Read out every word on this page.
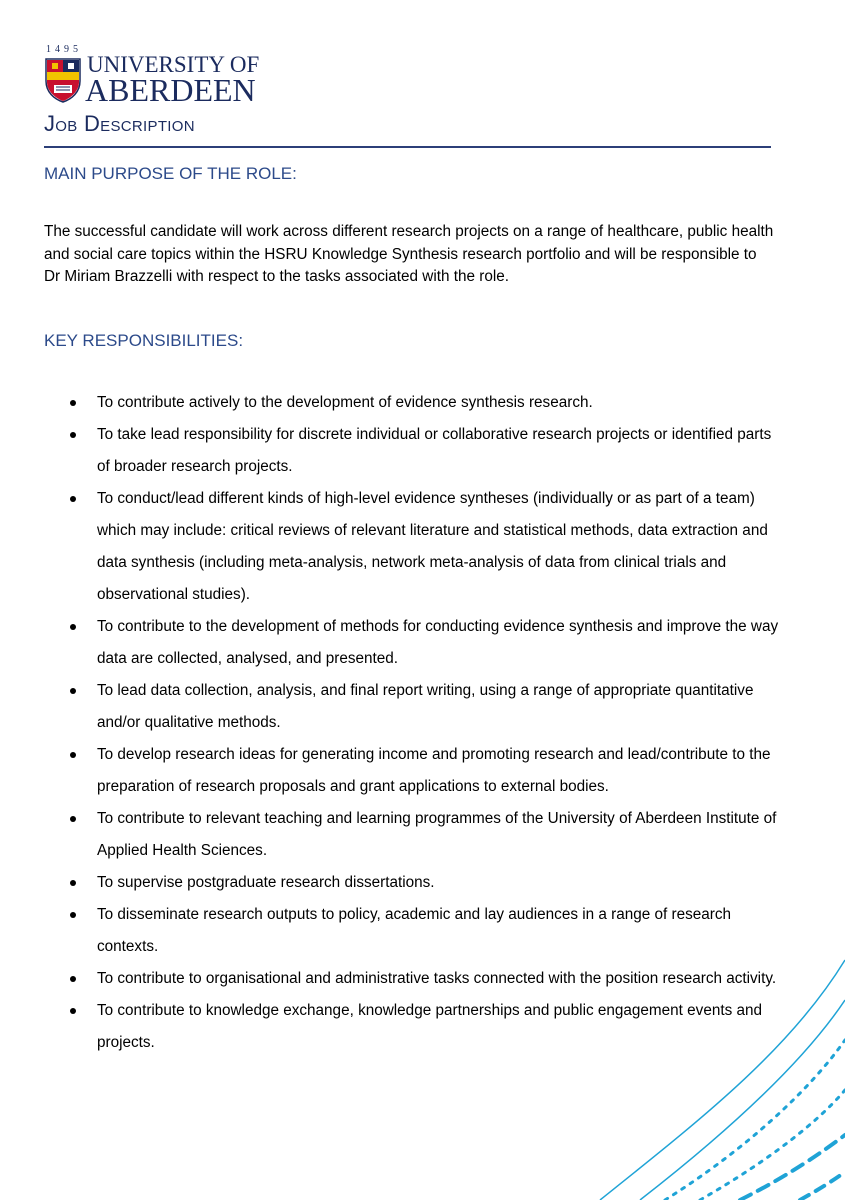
1495
UNIVERSITY OF
ABERDEEN
Job Description
MAIN PURPOSE OF THE ROLE:

The successful candidate will work across different research projects on a range of healthcare, public health and social care topics within the HSRU Knowledge Synthesis research portfolio and will be responsible to Dr Miriam Brazzelli with respect to the tasks associated with the role.

KEY RESPONSIBILITIES:
To contribute actively to the development of evidence synthesis research.
To take lead responsibility for discrete individual or collaborative research projects or identified parts of broader research projects.
To conduct/lead different kinds of high-level evidence syntheses (individually or as part of a team) which may include: critical reviews of relevant literature and statistical methods, data extraction and data synthesis (including meta-analysis, network meta-analysis of data from clinical trials and observational studies).
To contribute to the development of methods for conducting evidence synthesis and improve the way data are collected, analysed, and presented.
To lead data collection, analysis, and final report writing, using a range of appropriate quantitative and/or qualitative methods.
To develop research ideas for generating income and promoting research and lead/contribute to the preparation of research proposals and grant applications to external bodies.
To contribute to relevant teaching and learning programmes of the University of Aberdeen Institute of Applied Health Sciences.
To supervise postgraduate research dissertations.
To disseminate research outputs to policy, academic and lay audiences in a range of research contexts.
To contribute to organisational and administrative tasks connected with the position research activity.
To contribute to knowledge exchange, knowledge partnerships and public engagement events and projects.
